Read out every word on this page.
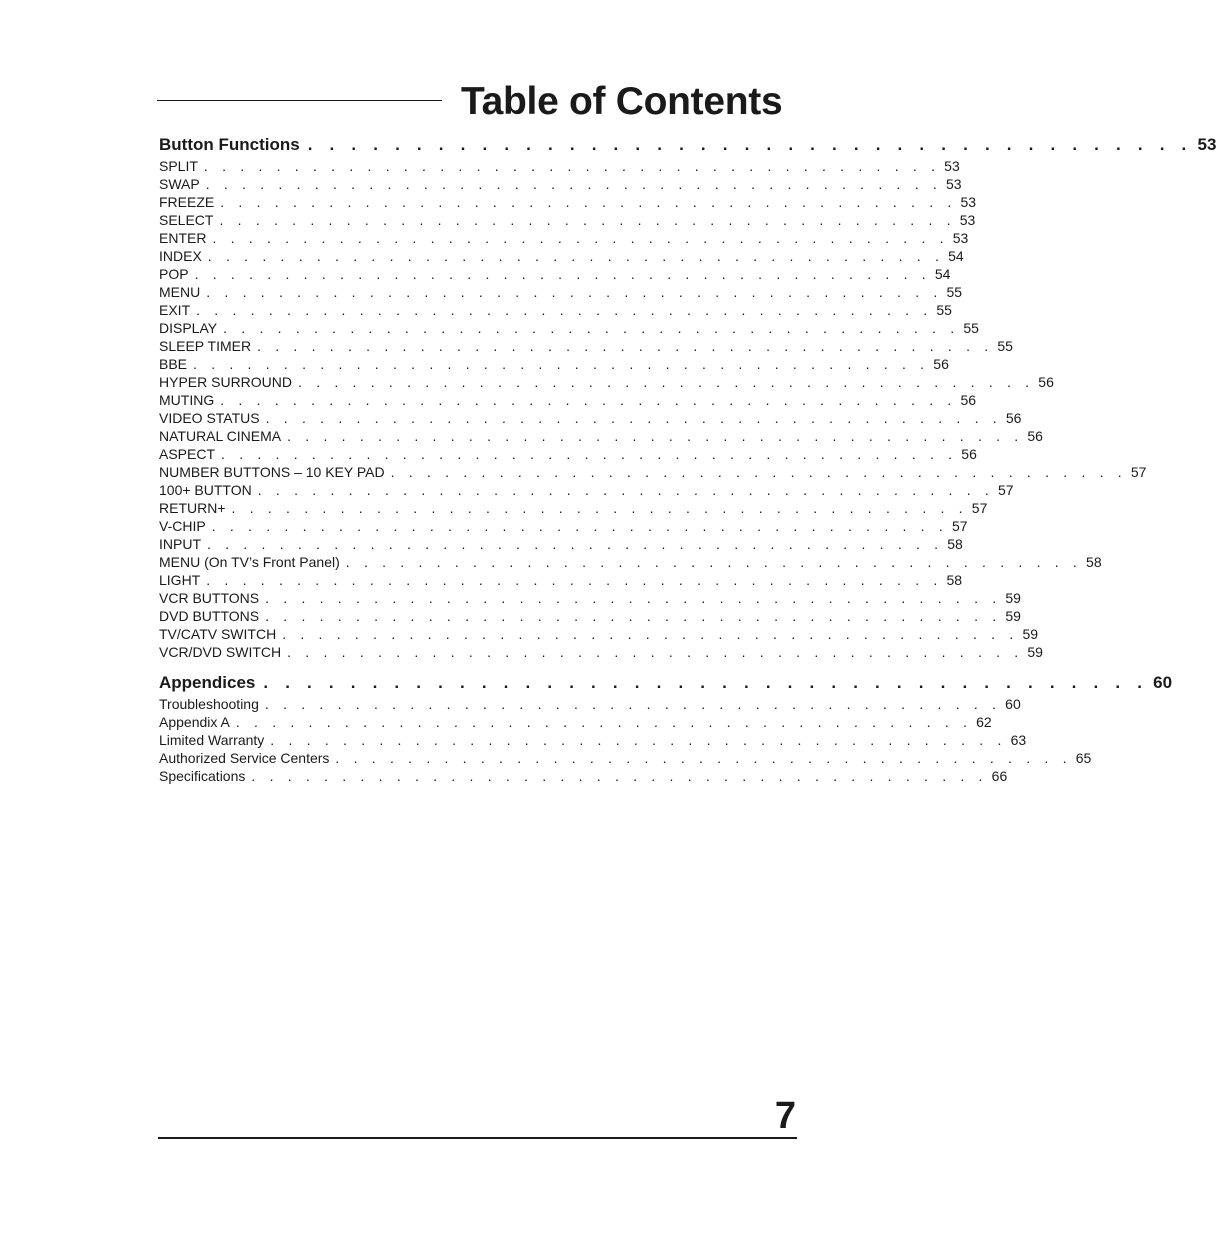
Table of Contents
Button Functions . . . . . . . . . . . . . . . . . . . . . . . . . . . . . . . . . . . . . . . . . 53
SPLIT . . . . . . . . . . . . . . . . . . . . . . . . . . . . . . . . . . . . . . . . . 53
SWAP . . . . . . . . . . . . . . . . . . . . . . . . . . . . . . . . . . . . . . . . . 53
FREEZE . . . . . . . . . . . . . . . . . . . . . . . . . . . . . . . . . . . . . . . . . 53
SELECT . . . . . . . . . . . . . . . . . . . . . . . . . . . . . . . . . . . . . . . . . 53
ENTER . . . . . . . . . . . . . . . . . . . . . . . . . . . . . . . . . . . . . . . . . 53
INDEX . . . . . . . . . . . . . . . . . . . . . . . . . . . . . . . . . . . . . . . . . 54
POP . . . . . . . . . . . . . . . . . . . . . . . . . . . . . . . . . . . . . . . . . 54
MENU . . . . . . . . . . . . . . . . . . . . . . . . . . . . . . . . . . . . . . . . . 55
EXIT . . . . . . . . . . . . . . . . . . . . . . . . . . . . . . . . . . . . . . . . . 55
DISPLAY . . . . . . . . . . . . . . . . . . . . . . . . . . . . . . . . . . . . . . . . . 55
SLEEP TIMER . . . . . . . . . . . . . . . . . . . . . . . . . . . . . . . . . . . . . . . . . 55
BBE . . . . . . . . . . . . . . . . . . . . . . . . . . . . . . . . . . . . . . . . . 56
HYPER SURROUND . . . . . . . . . . . . . . . . . . . . . . . . . . . . . . . . . . . . . . . . . 56
MUTING . . . . . . . . . . . . . . . . . . . . . . . . . . . . . . . . . . . . . . . . . 56
VIDEO STATUS . . . . . . . . . . . . . . . . . . . . . . . . . . . . . . . . . . . . . . . . . 56
NATURAL CINEMA . . . . . . . . . . . . . . . . . . . . . . . . . . . . . . . . . . . . . . . . . 56
ASPECT . . . . . . . . . . . . . . . . . . . . . . . . . . . . . . . . . . . . . . . . . 56
NUMBER BUTTONS – 10 KEY PAD . . . . . . . . . . . . . . . . . . . . . . . . . . . . . . . . . . . . . . . . . 57
100+ BUTTON . . . . . . . . . . . . . . . . . . . . . . . . . . . . . . . . . . . . . . . . . 57
RETURN+ . . . . . . . . . . . . . . . . . . . . . . . . . . . . . . . . . . . . . . . . . 57
V-CHIP . . . . . . . . . . . . . . . . . . . . . . . . . . . . . . . . . . . . . . . . . 57
INPUT . . . . . . . . . . . . . . . . . . . . . . . . . . . . . . . . . . . . . . . . . 58
MENU (On TV’s Front Panel) . . . . . . . . . . . . . . . . . . . . . . . . . . . . . . . . . . . . . . . . . 58
LIGHT . . . . . . . . . . . . . . . . . . . . . . . . . . . . . . . . . . . . . . . . . 58
VCR BUTTONS . . . . . . . . . . . . . . . . . . . . . . . . . . . . . . . . . . . . . . . . . 59
DVD BUTTONS . . . . . . . . . . . . . . . . . . . . . . . . . . . . . . . . . . . . . . . . . 59
TV/CATV SWITCH . . . . . . . . . . . . . . . . . . . . . . . . . . . . . . . . . . . . . . . . . 59
VCR/DVD SWITCH . . . . . . . . . . . . . . . . . . . . . . . . . . . . . . . . . . . . . . . . . 59
Appendices . . . . . . . . . . . . . . . . . . . . . . . . . . . . . . . . . . . . . . . . . 60
Troubleshooting . . . . . . . . . . . . . . . . . . . . . . . . . . . . . . . . . . . . . . . . . 60
Appendix A . . . . . . . . . . . . . . . . . . . . . . . . . . . . . . . . . . . . . . . . . 62
Limited Warranty . . . . . . . . . . . . . . . . . . . . . . . . . . . . . . . . . . . . . . . . . 63
Authorized Service Centers . . . . . . . . . . . . . . . . . . . . . . . . . . . . . . . . . . . . . . . . . 65
Specifications . . . . . . . . . . . . . . . . . . . . . . . . . . . . . . . . . . . . . . . . . 66
7
